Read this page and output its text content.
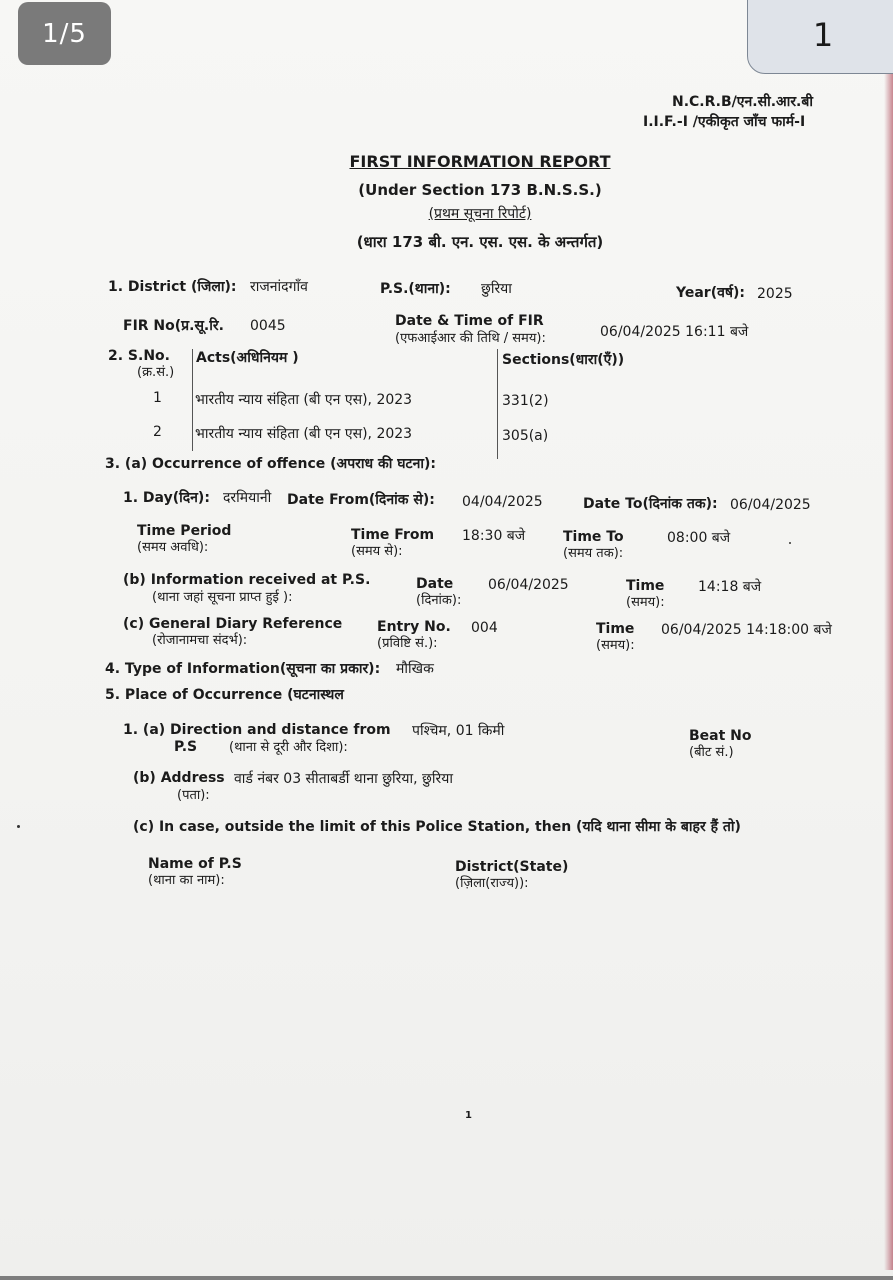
N.C.R.B/एन.सी.आर.बी
I.I.F.-I /एकीकृत जाँच फार्म-I
FIRST INFORMATION REPORT
(Under Section 173 B.N.S.S.)
(प्रथम सूचना रिपोर्ट)
(धारा 173 बी. एन. एस. एस. के अन्तर्गत)
1. District (जिला): राजनांदगाँव	P.S.(थाना): छुरिया	Year(वर्ष): 2025
FIR No(प्र.सू.रि. 0045	Date & Time of FIR
(एफआईआर की तिथि / समय):	06/04/2025 16:11 बजे
2. S.No.
(क्र.सं.)
Acts(अधिनियम )	Sections(धारा(एँ))
1 भारतीय न्याय संहिता (बी एन एस), 2023	331(2)
2 भारतीय न्याय संहिता (बी एन एस), 2023	305(a)
3. (a) Occurrence of offence (अपराध की घटना):
1. Day(दिन): दरमियानी Date From(दिनांक से): 04/04/2025	Date To(दिनांक तक): 06/04/2025
Time Period
(समय अवधि):
Time From
(समय से):
18:30 बजे	Time To
(समय तक):
08:00 बजे
(b) Information received at P.S.
(थाना जहां सूचना प्राप्त हुई ):
Date
(दिनांक):
06/04/2025	Time
(समय):
14:18 बजे
(c) General Diary Reference
(रोजानामचा संदर्भ):
Entry No.
(प्रविष्टि सं.):
004	Time
(समय):
06/04/2025 14:18:00 बजे
4. Type of Information(सूचना का प्रकार): मौखिक
5. Place of Occurrence (घटनास्थल
1. (a) Direction and distance from पश्चिम, 01 किमी
P.S (थाना से दूरी और दिशा):
Beat No
(बीट सं.)
(b) Address वार्ड नंबर 03 सीताबर्डी थाना छुरिया, छुरिया
(पता):
(c) In case, outside the limit of this Police Station, then (यदि थाना सीमा के बाहर हैं तो)
Name of P.S
(थाना का नाम):
District(State)
(ज़िला(राज्य)):
1
1/5	1
